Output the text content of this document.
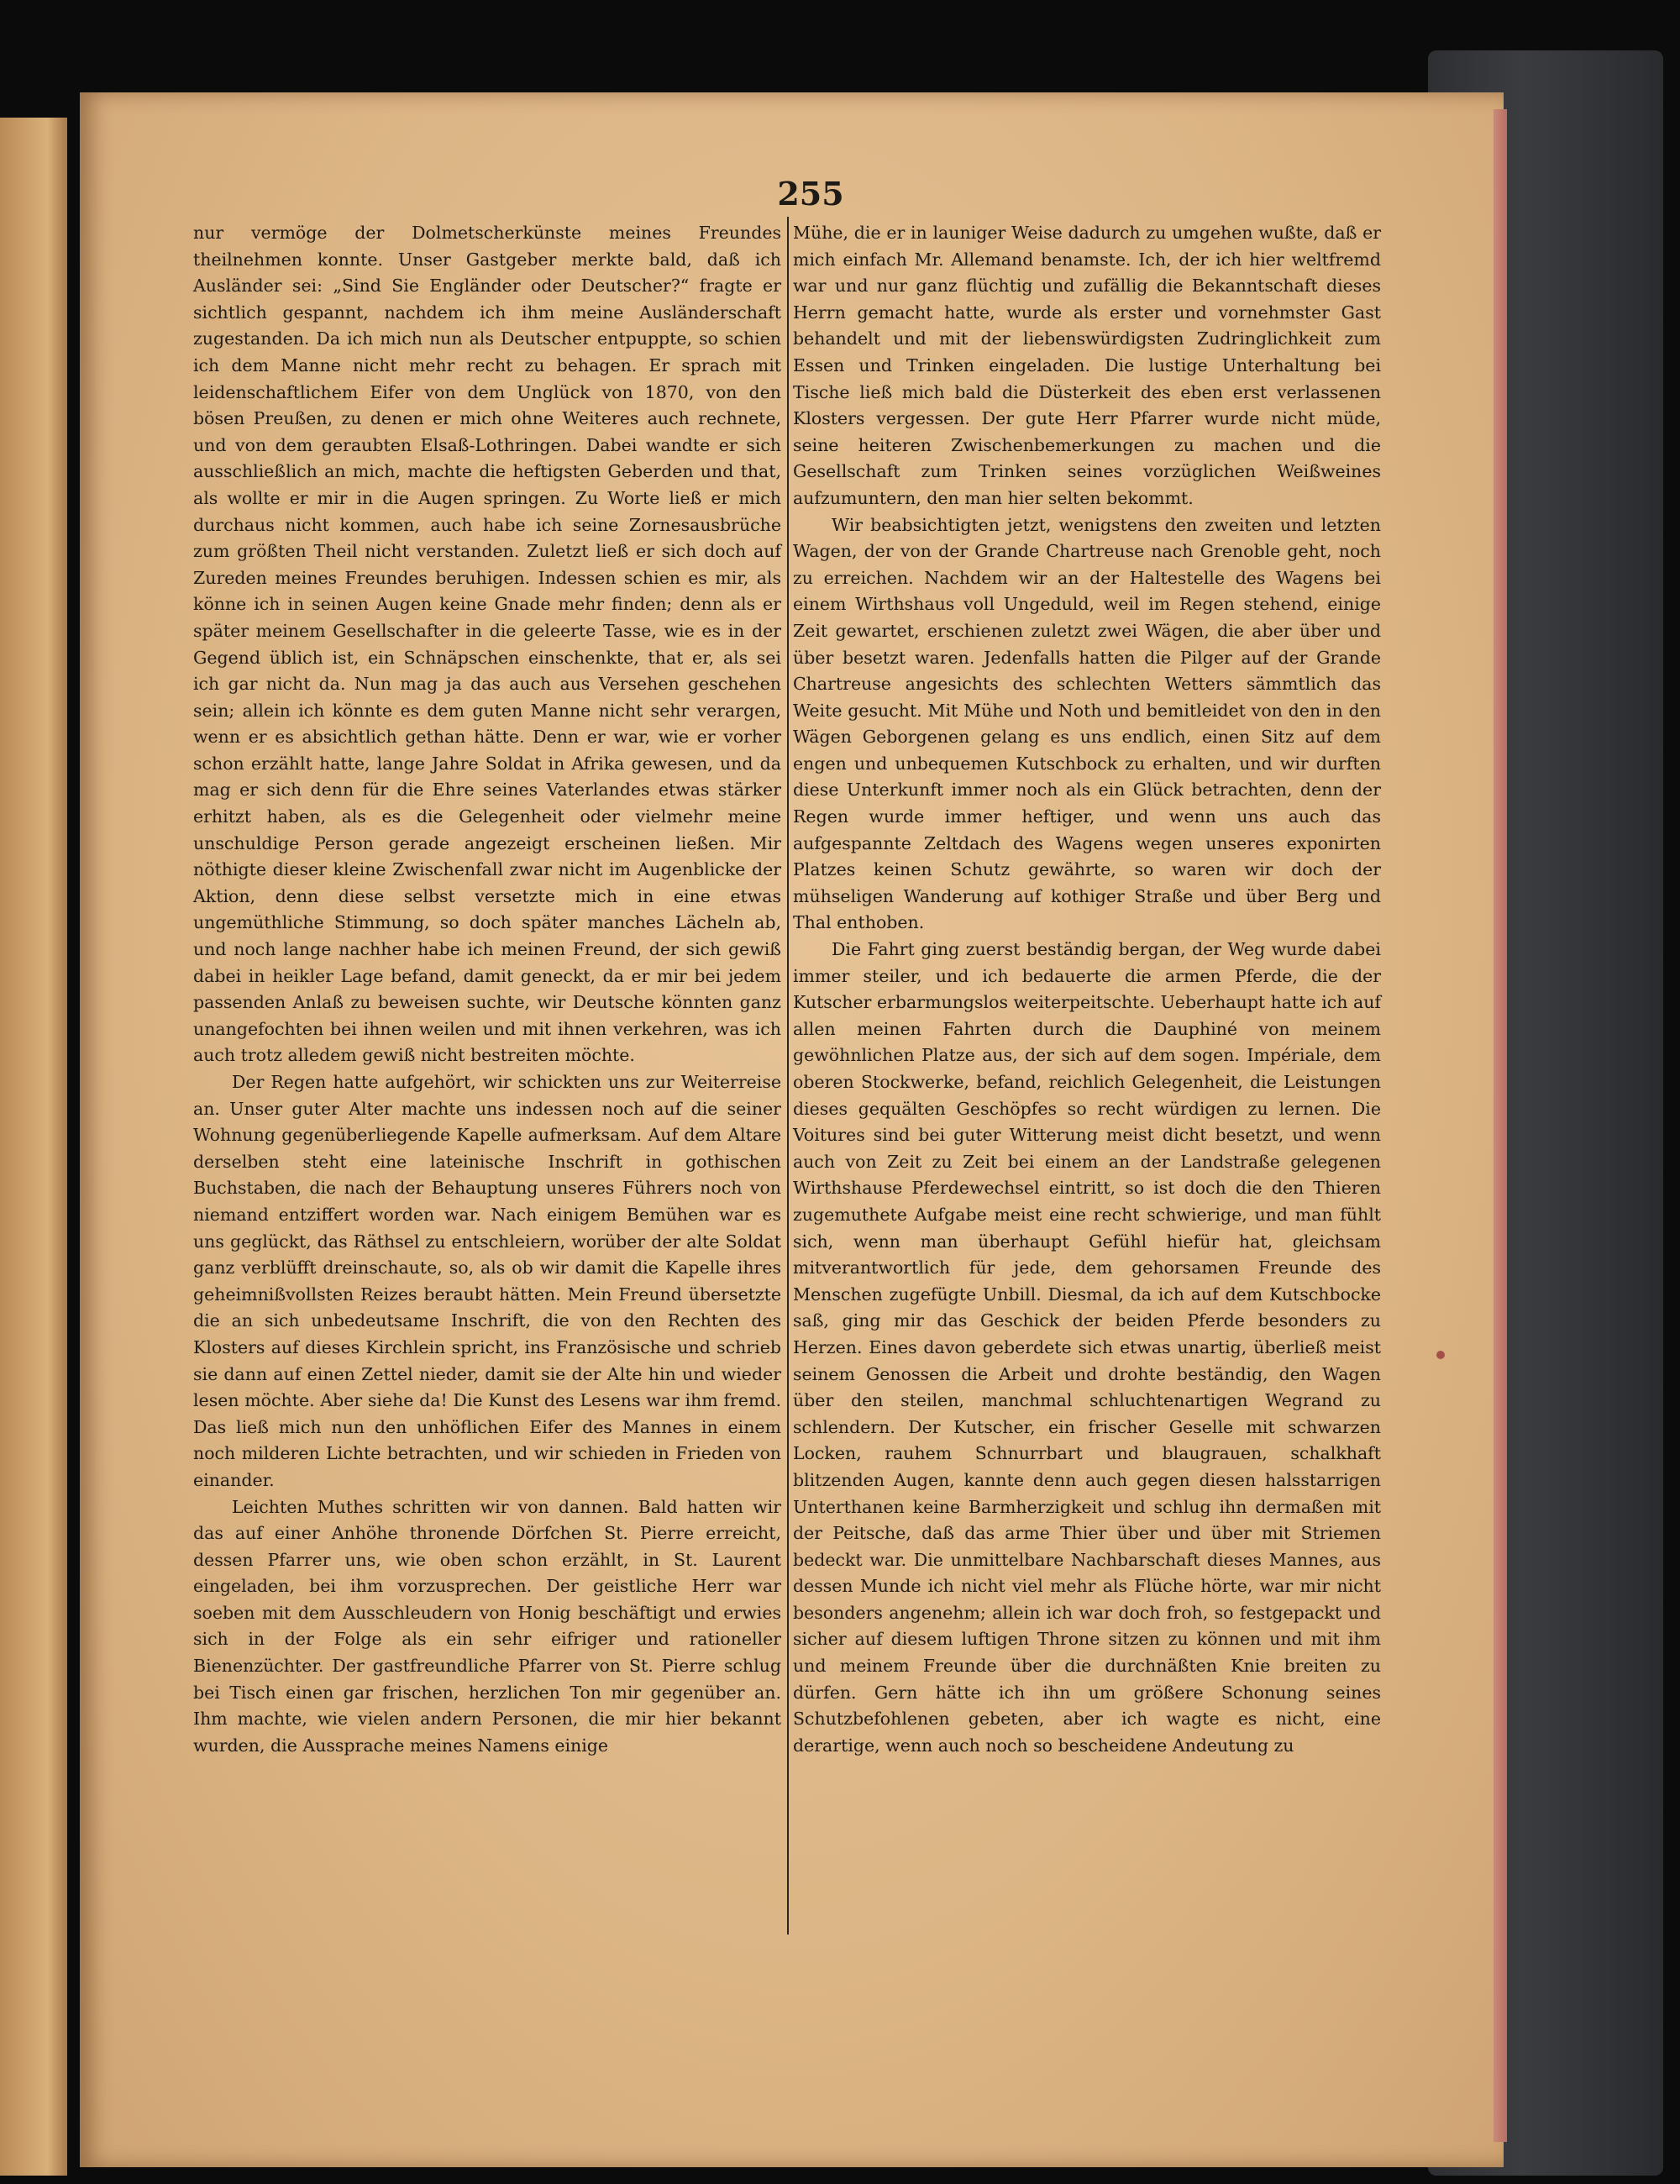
255

nur vermöge der Dolmetscherkünste meines Freundes theilnehmen konnte. Unser Gastgeber merkte bald, daß ich Ausländer sei: „Sind Sie Engländer oder Deutscher?“ fragte er sichtlich gespannt, nachdem ich ihm meine Ausländerschaft zugestanden. Da ich mich nun als Deutscher entpuppte, so schien ich dem Manne nicht mehr recht zu behagen. Er sprach mit leidenschaftlichem Eifer von dem Unglück von 1870, von den bösen Preußen, zu denen er mich ohne Weiteres auch rechnete, und von dem geraubten Elsaß-Lothringen. Dabei wandte er sich ausschließlich an mich, machte die heftigsten Geberden und that, als wollte er mir in die Augen springen. Zu Worte ließ er mich durchaus nicht kommen, auch habe ich seine Zornesausbrüche zum größten Theil nicht verstanden. Zuletzt ließ er sich doch auf Zureden meines Freundes beruhigen. Indessen schien es mir, als könne ich in seinen Augen keine Gnade mehr finden; denn als er später meinem Gesellschafter in die geleerte Tasse, wie es in der Gegend üblich ist, ein Schnäpschen einschenkte, that er, als sei ich gar nicht da. Nun mag ja das auch aus Versehen geschehen sein; allein ich könnte es dem guten Manne nicht sehr verargen, wenn er es absichtlich gethan hätte. Denn er war, wie er vorher schon erzählt hatte, lange Jahre Soldat in Afrika gewesen, und da mag er sich denn für die Ehre seines Vaterlandes etwas stärker erhitzt haben, als es die Gelegenheit oder vielmehr meine unschuldige Person gerade angezeigt erscheinen ließen. Mir nöthigte dieser kleine Zwischenfall zwar nicht im Augenblicke der Aktion, denn diese selbst versetzte mich in eine etwas ungemüthliche Stimmung, so doch später manches Lächeln ab, und noch lange nachher habe ich meinen Freund, der sich gewiß dabei in heikler Lage befand, damit geneckt, da er mir bei jedem passenden Anlaß zu beweisen suchte, wir Deutsche könnten ganz unangefochten bei ihnen weilen und mit ihnen verkehren, was ich auch trotz alledem gewiß nicht bestreiten möchte.

Der Regen hatte aufgehört, wir schickten uns zur Weiterreise an. Unser guter Alter machte uns indessen noch auf die seiner Wohnung gegenüberliegende Kapelle aufmerksam. Auf dem Altare derselben steht eine lateinische Inschrift in gothischen Buchstaben, die nach der Behauptung unseres Führers noch von niemand entziffert worden war. Nach einigem Bemühen war es uns geglückt, das Räthsel zu entschleiern, worüber der alte Soldat ganz verblüfft dreinschaute, so, als ob wir damit die Kapelle ihres geheimnißvollsten Reizes beraubt hätten. Mein Freund übersetzte die an sich unbedeutsame Inschrift, die von den Rechten des Klosters auf dieses Kirchlein spricht, ins Französische und schrieb sie dann auf einen Zettel nieder, damit sie der Alte hin und wieder lesen möchte. Aber siehe da! Die Kunst des Lesens war ihm fremd. Das ließ mich nun den unhöflichen Eifer des Mannes in einem noch milderen Lichte betrachten, und wir schieden in Frieden von einander.

Leichten Muthes schritten wir von dannen. Bald hatten wir das auf einer Anhöhe thronende Dörfchen St. Pierre erreicht, dessen Pfarrer uns, wie oben schon erzählt, in St. Laurent eingeladen, bei ihm vorzusprechen. Der geistliche Herr war soeben mit dem Ausschleudern von Honig beschäftigt und erwies sich in der Folge als ein sehr eifriger und rationeller Bienenzüchter. Der gastfreundliche Pfarrer von St. Pierre schlug bei Tisch einen gar frischen, herzlichen Ton mir gegenüber an. Ihm machte, wie vielen andern Personen, die mir hier bekannt wurden, die Aussprache meines Namens einige

Mühe, die er in launiger Weise dadurch zu umgehen wußte, daß er mich einfach Mr. Allemand benamste. Ich, der ich hier weltfremd war und nur ganz flüchtig und zufällig die Bekanntschaft dieses Herrn gemacht hatte, wurde als erster und vornehmster Gast behandelt und mit der liebenswürdigsten Zudringlichkeit zum Essen und Trinken eingeladen. Die lustige Unterhaltung bei Tische ließ mich bald die Düsterkeit des eben erst verlassenen Klosters vergessen. Der gute Herr Pfarrer wurde nicht müde, seine heiteren Zwischenbemerkungen zu machen und die Gesellschaft zum Trinken seines vorzüglichen Weißweines aufzumuntern, den man hier selten bekommt.

Wir beabsichtigten jetzt, wenigstens den zweiten und letzten Wagen, der von der Grande Chartreuse nach Grenoble geht, noch zu erreichen. Nachdem wir an der Haltestelle des Wagens bei einem Wirthshaus voll Ungeduld, weil im Regen stehend, einige Zeit gewartet, erschienen zuletzt zwei Wägen, die aber über und über besetzt waren. Jedenfalls hatten die Pilger auf der Grande Chartreuse angesichts des schlechten Wetters sämmtlich das Weite gesucht. Mit Mühe und Noth und bemitleidet von den in den Wägen Geborgenen gelang es uns endlich, einen Sitz auf dem engen und unbequemen Kutschbock zu erhalten, und wir durften diese Unterkunft immer noch als ein Glück betrachten, denn der Regen wurde immer heftiger, und wenn uns auch das aufgespannte Zeltdach des Wagens wegen unseres exponirten Platzes keinen Schutz gewährte, so waren wir doch der mühseligen Wanderung auf kothiger Straße und über Berg und Thal enthoben.

Die Fahrt ging zuerst beständig bergan, der Weg wurde dabei immer steiler, und ich bedauerte die armen Pferde, die der Kutscher erbarmungslos weiterpeitschte. Ueberhaupt hatte ich auf allen meinen Fahrten durch die Dauphiné von meinem gewöhnlichen Platze aus, der sich auf dem sogen. Impériale, dem oberen Stockwerke, befand, reichlich Gelegenheit, die Leistungen dieses gequälten Geschöpfes so recht würdigen zu lernen. Die Voitures sind bei guter Witterung meist dicht besetzt, und wenn auch von Zeit zu Zeit bei einem an der Landstraße gelegenen Wirthshause Pferdewechsel eintritt, so ist doch die den Thieren zugemuthete Aufgabe meist eine recht schwierige, und man fühlt sich, wenn man überhaupt Gefühl hiefür hat, gleichsam mitverantwortlich für jede, dem gehorsamen Freunde des Menschen zugefügte Unbill. Diesmal, da ich auf dem Kutschbocke saß, ging mir das Geschick der beiden Pferde besonders zu Herzen. Eines davon geberdete sich etwas unartig, überließ meist seinem Genossen die Arbeit und drohte beständig, den Wagen über den steilen, manchmal schluchtenartigen Wegrand zu schlendern. Der Kutscher, ein frischer Geselle mit schwarzen Locken, rauhem Schnurrbart und blaugrauen, schalkhaft blitzenden Augen, kannte denn auch gegen diesen halsstarrigen Unterthanen keine Barmherzigkeit und schlug ihn dermaßen mit der Peitsche, daß das arme Thier über und über mit Striemen bedeckt war. Die unmittelbare Nachbarschaft dieses Mannes, aus dessen Munde ich nicht viel mehr als Flüche hörte, war mir nicht besonders angenehm; allein ich war doch froh, so festgepackt und sicher auf diesem luftigen Throne sitzen zu können und mit ihm und meinem Freunde über die durchnäßten Knie breiten zu dürfen. Gern hätte ich ihn um größere Schonung seines Schutzbefohlenen gebeten, aber ich wagte es nicht, eine derartige, wenn auch noch so bescheidene Andeutung zu
